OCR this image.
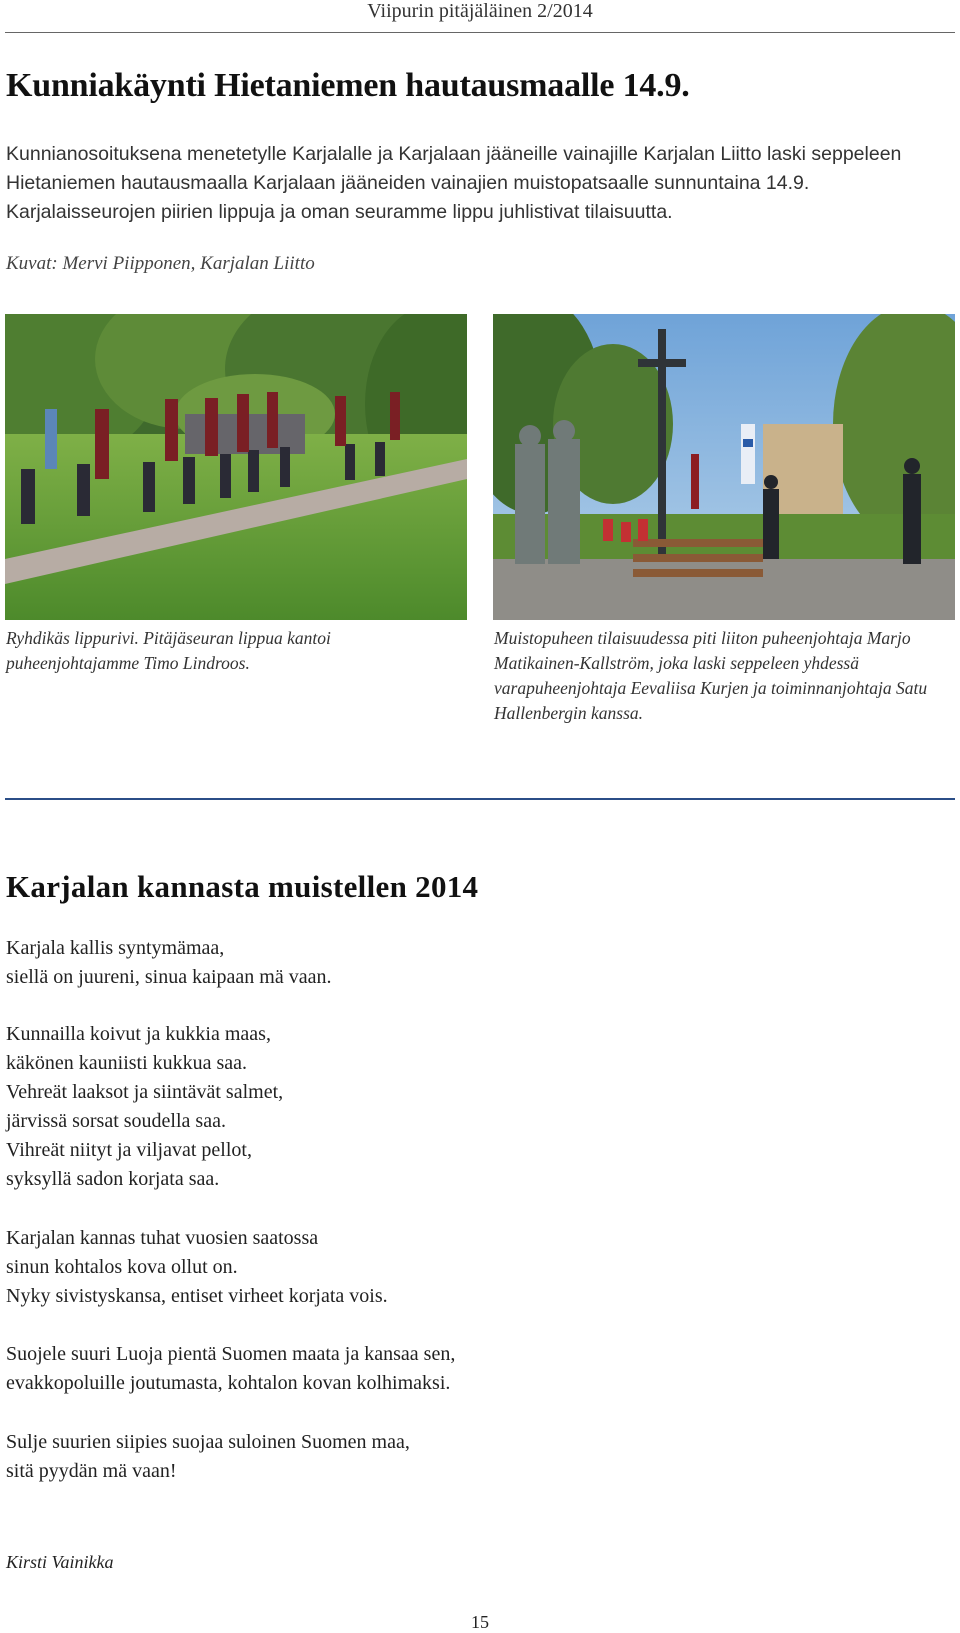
Viipurin pitäjäläinen 2/2014
Kunniakäynti Hietaniemen hautausmaalle 14.9.

Kunnianosoituksena menetetylle Karjalalle ja Karjalaan jääneille vainajille Karjalan Liitto laski seppeleen Hietaniemen hautausmaalla Karjalaan jääneiden vainajien muistopatsaalle sunnuntaina 14.9. Karjalaisseurojen piirien lippuja ja oman seuramme lippu juhlistivat tilaisuutta.

Kuvat: Mervi Piipponen, Karjalan Liitto

Ryhdikäs lippurivi. Pitäjäseuran lippua kantoi puheenjohtajamme Timo Lindroos.

Muistopuheen tilaisuudessa piti liiton puheenjohtaja Marjo Matikainen-Kallström, joka laski seppeleen yhdessä varapuheenjohtaja Eevaliisa Kurjen ja toiminnanjohtaja Satu Hallenbergin kanssa.

Karjalan kannasta muistellen 2014
Karjala kallis syntymämaa,
siellä on juureni, sinua kaipaan mä vaan.
Kunnailla koivut ja kukkia maas,
käkönen kauniisti kukkua saa.
Vehreät laaksot ja siintävät salmet,
järvissä sorsat soudella saa.
Vihreät niityt ja viljavat pellot,
syksyllä sadon korjata saa.
Karjalan kannas tuhat vuosien saatossa
sinun kohtalos kova ollut on.
Nyky sivistyskansa, entiset virheet korjata vois.
Suojele suuri Luoja pientä Suomen maata ja kansaa sen,
evakkopoluille joutumasta, kohtalon kovan kolhimaksi.
Sulje suurien siipies suojaa suloinen Suomen maa,
sitä pyydän mä vaan!

Kirsti Vainikka

15
